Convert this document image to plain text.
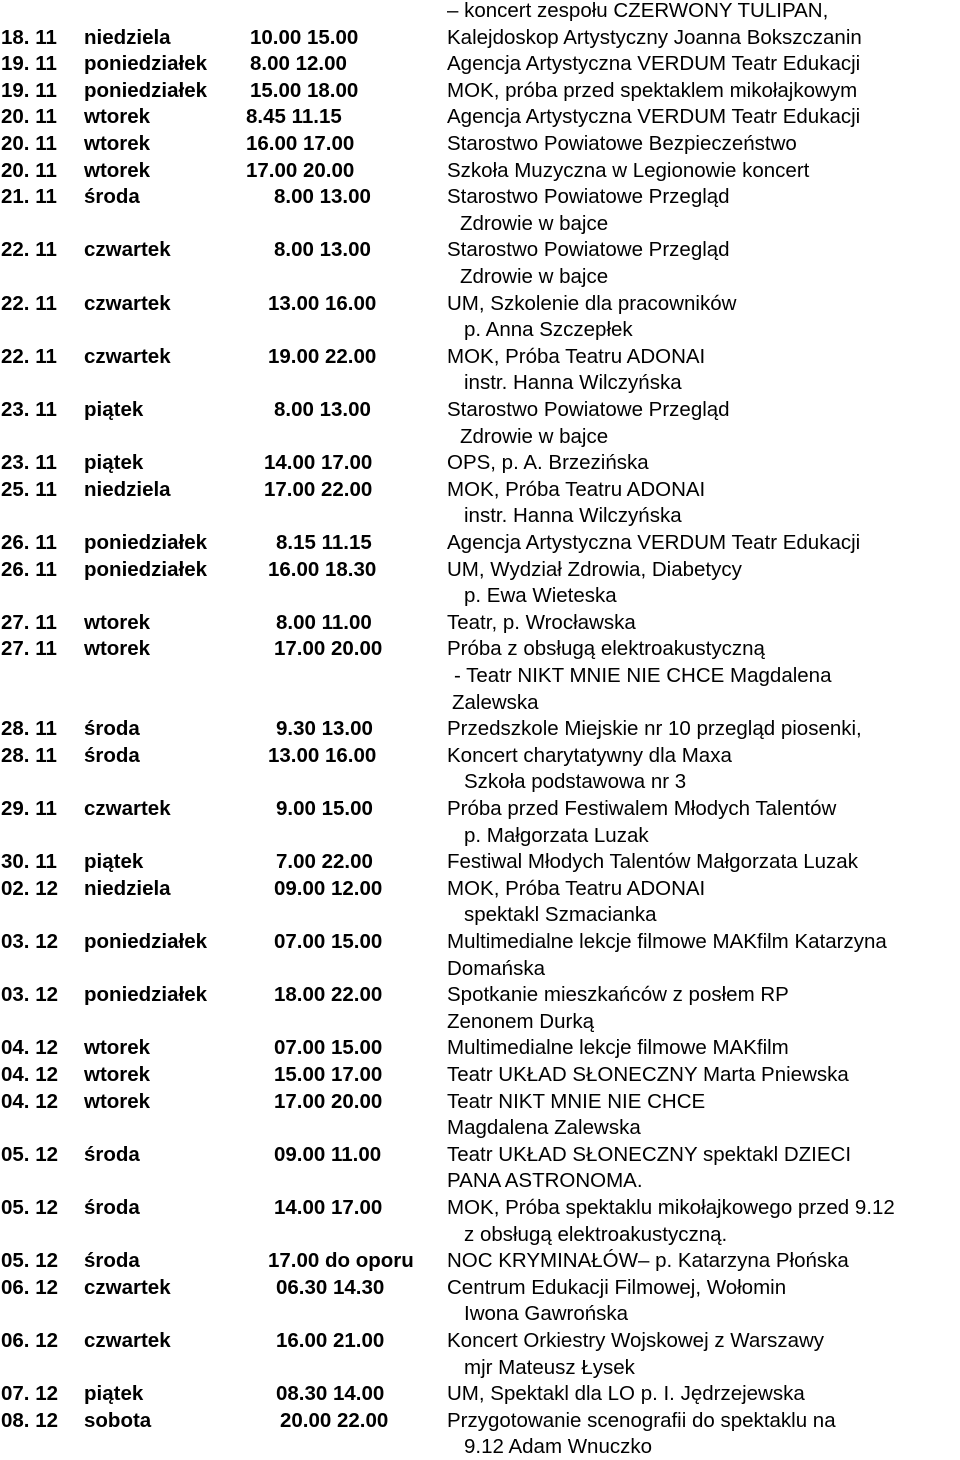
– koncert zespołu CZERWONY TULIPAN,
18. 11 niedziela	10.00 15.00	Kalejdoskop Artystyczny Joanna Bokszczanin
19. 11 poniedziałek 8.00 12.00	Agencja Artystyczna VERDUM Teatr Edukacji
19. 11 poniedziałek 15.00 18.00	MOK, próba przed spektaklem mikołajkowym
20. 11 wtorek	8.45 11.15	Agencja Artystyczna VERDUM Teatr Edukacji
20. 11 wtorek	16.00 17.00	Starostwo Powiatowe Bezpieczeństwo
20. 11 wtorek	17.00 20.00	Szkoła Muzyczna w Legionowie koncert
21. 11 środa	8.00 13.00	Starostwo Powiatowe Przegląd
Zdrowie w bajce
22. 11 czwartek	8.00 13.00	Starostwo Powiatowe Przegląd
Zdrowie w bajce
22. 11 czwartek	13.00 16.00	UM, Szkolenie dla pracowników
p. Anna Szczepłek
22. 11 czwartek	19.00 22.00	MOK, Próba Teatru ADONAI
instr. Hanna Wilczyńska
23. 11 piątek	8.00 13.00	Starostwo Powiatowe Przegląd
Zdrowie w bajce
23. 11 piątek	14.00 17.00	OPS, p. A. Brzezińska
25. 11 niedziela	17.00 22.00	MOK, Próba Teatru ADONAI
instr. Hanna Wilczyńska
26. 11 poniedziałek	8.15 11.15	Agencja Artystyczna VERDUM Teatr Edukacji
26. 11 poniedziałek	16.00 18.30	UM, Wydział Zdrowia, Diabetycy
p. Ewa Wieteska
27. 11 wtorek	8.00 11.00	Teatr, p. Wrocławska
27. 11 wtorek	17.00 20.00	Próba z obsługą elektroakustyczną
- Teatr NIKT MNIE NIE CHCE Magdalena
Zalewska
28. 11 środa	9.30 13.00	Przedszkole Miejskie nr 10 przegląd piosenki,
28. 11 środa	13.00 16.00	Koncert charytatywny dla Maxa
Szkoła podstawowa nr 3
29. 11 czwartek	9.00 15.00	Próba przed Festiwalem Młodych Talentów
p. Małgorzata Luzak
30. 11 piątek	7.00 22.00	Festiwal Młodych Talentów Małgorzata Luzak
02. 12 niedziela	09.00 12.00	MOK, Próba Teatru ADONAI
spektakl Szmacianka
03. 12 poniedziałek	07.00 15.00	Multimedialne lekcje filmowe MAKfilm Katarzyna
Domańska
03. 12 poniedziałek	18.00 22.00	Spotkanie mieszkańców z posłem RP
Zenonem Durką
04. 12 wtorek	07.00 15.00	Multimedialne lekcje filmowe MAKfilm
04. 12 wtorek	15.00 17.00	Teatr UKŁAD SŁONECZNY Marta Pniewska
04. 12 wtorek	17.00 20.00	Teatr NIKT MNIE NIE CHCE
Magdalena Zalewska
05. 12 środa	09.00 11.00	Teatr UKŁAD SŁONECZNY spektakl DZIECI
PANA ASTRONOMA.
05. 12 środa	14.00 17.00	MOK, Próba spektaklu mikołajkowego przed 9.12
z obsługą elektroakustyczną.
05. 12 środa	17.00 do oporu NOC KRYMINAŁÓW– p. Katarzyna Płońska
06. 12 czwartek	06.30 14.30	Centrum Edukacji Filmowej, Wołomin
Iwona Gawrońska
06. 12 czwartek	16.00 21.00	Koncert Orkiestry Wojskowej z Warszawy
mjr Mateusz Łysek
07. 12 piątek	08.30 14.00	UM, Spektakl dla LO p. I. Jędrzejewska
08. 12 sobota	20.00 22.00	Przygotowanie scenografii do spektaklu na
9.12 Adam Wnuczko
